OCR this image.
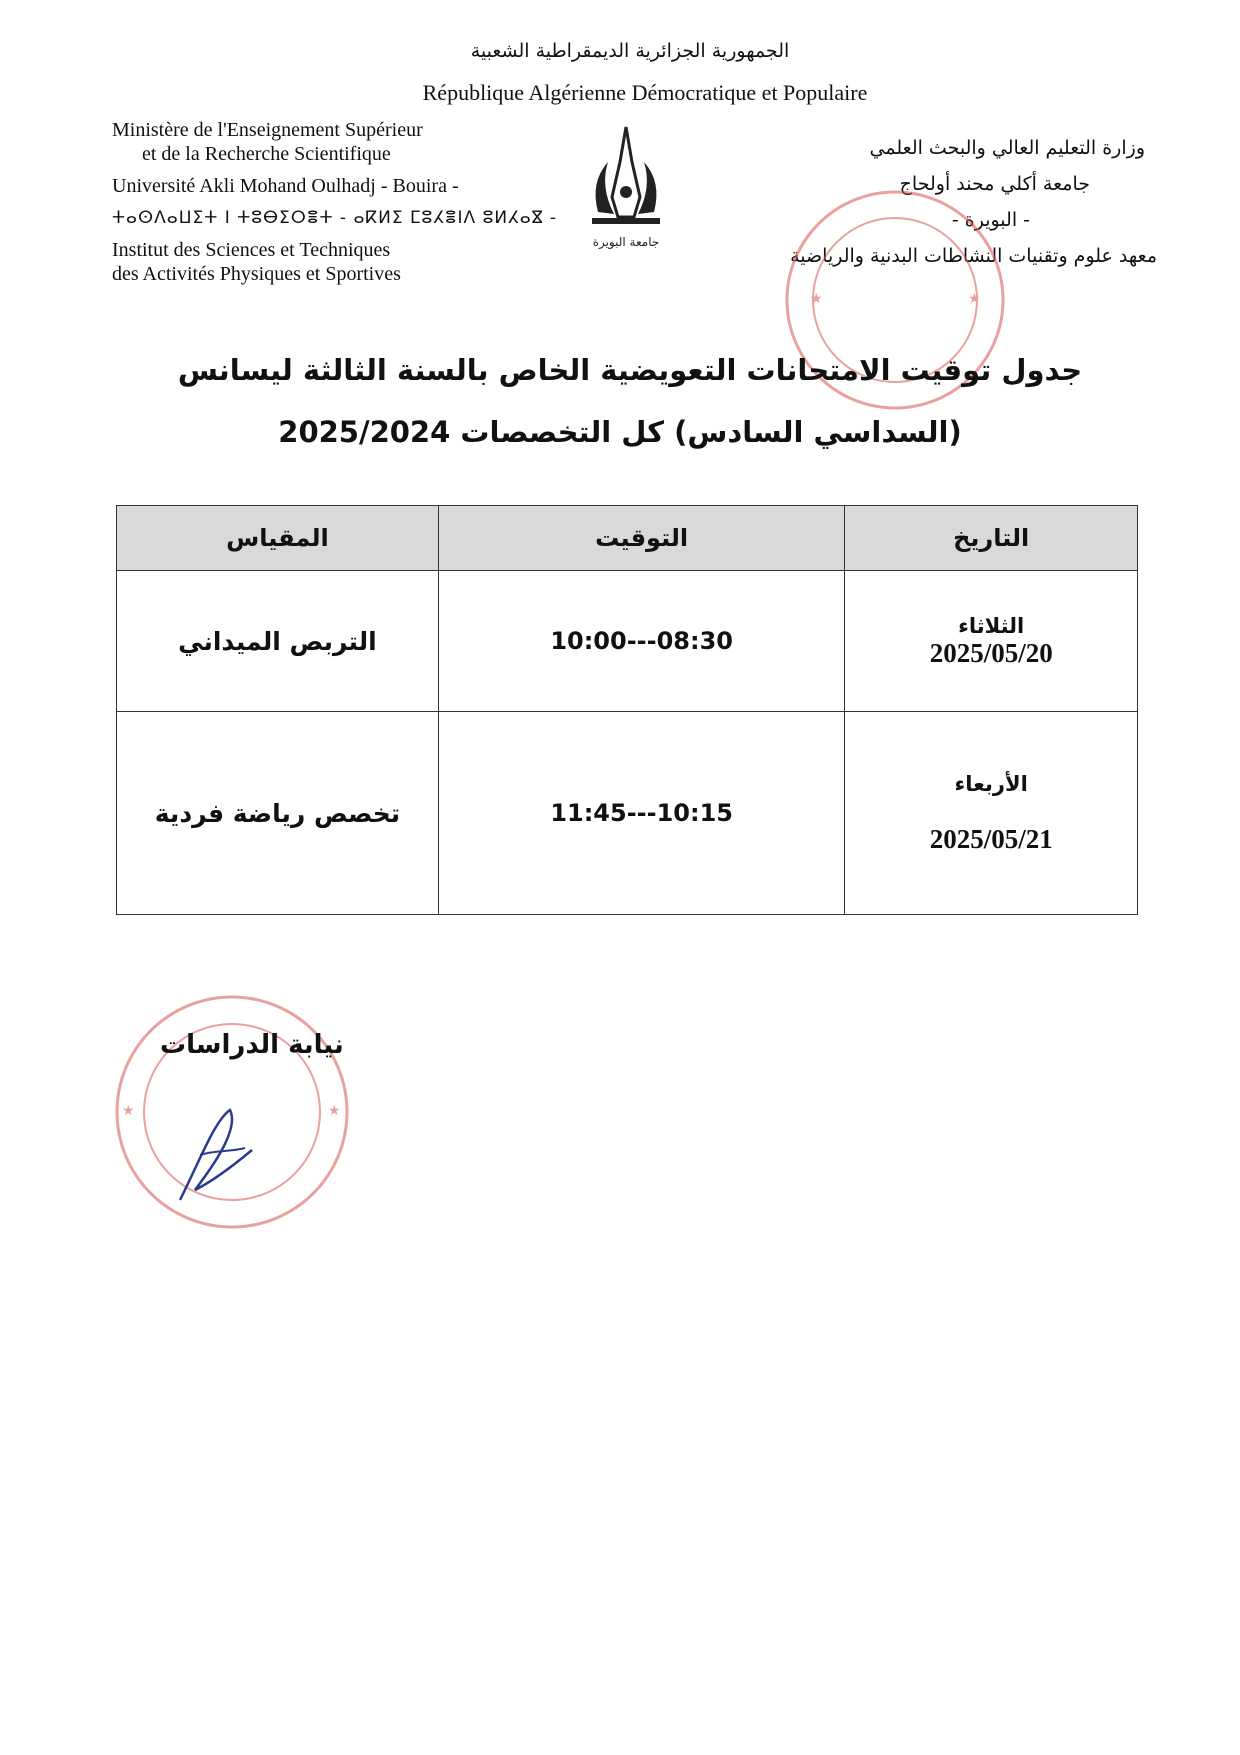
الجمهورية الجزائرية الديمقراطية الشعبية
République Algérienne Démocratique et Populaire
Ministère de l'Enseignement Supérieur
et de la Recherche Scientifique
Université Akli Mohand Oulhadj - Bouira -
ⵜⴰⵙⴷⴰⵡⵉⵜ ⵏ ⵜⵓⴱⵉⵔⴻⵜ - ⴰⴽⵍⵉ ⵎⵓⵃⴻⵏⴷ ⵓⵍⵃⴰⴵ -
Institut des Sciences et Techniques
des Activités Physiques et Sportives
جامعة البويرة
وزارة التعليم العالي والبحث العلمي
جامعة أكلي محند أولحاج
- البويرة -
معهد علوم وتقنيات النشاطات البدنية والرياضية
★	★
جدول توقيت الامتحانات التعويضية الخاص بالسنة الثالثة ليسانس
(السداسي السادس) كل التخصصات 2025/2024
التاريخ	التوقيت	المقياس

الثلاثاء
2025/05/20	10:00---08:30	التربص الميداني

الأربعاء
2025/05/21	11:45---10:15	تخصص رياضة فردية
★	★
نيابة الدراسات
